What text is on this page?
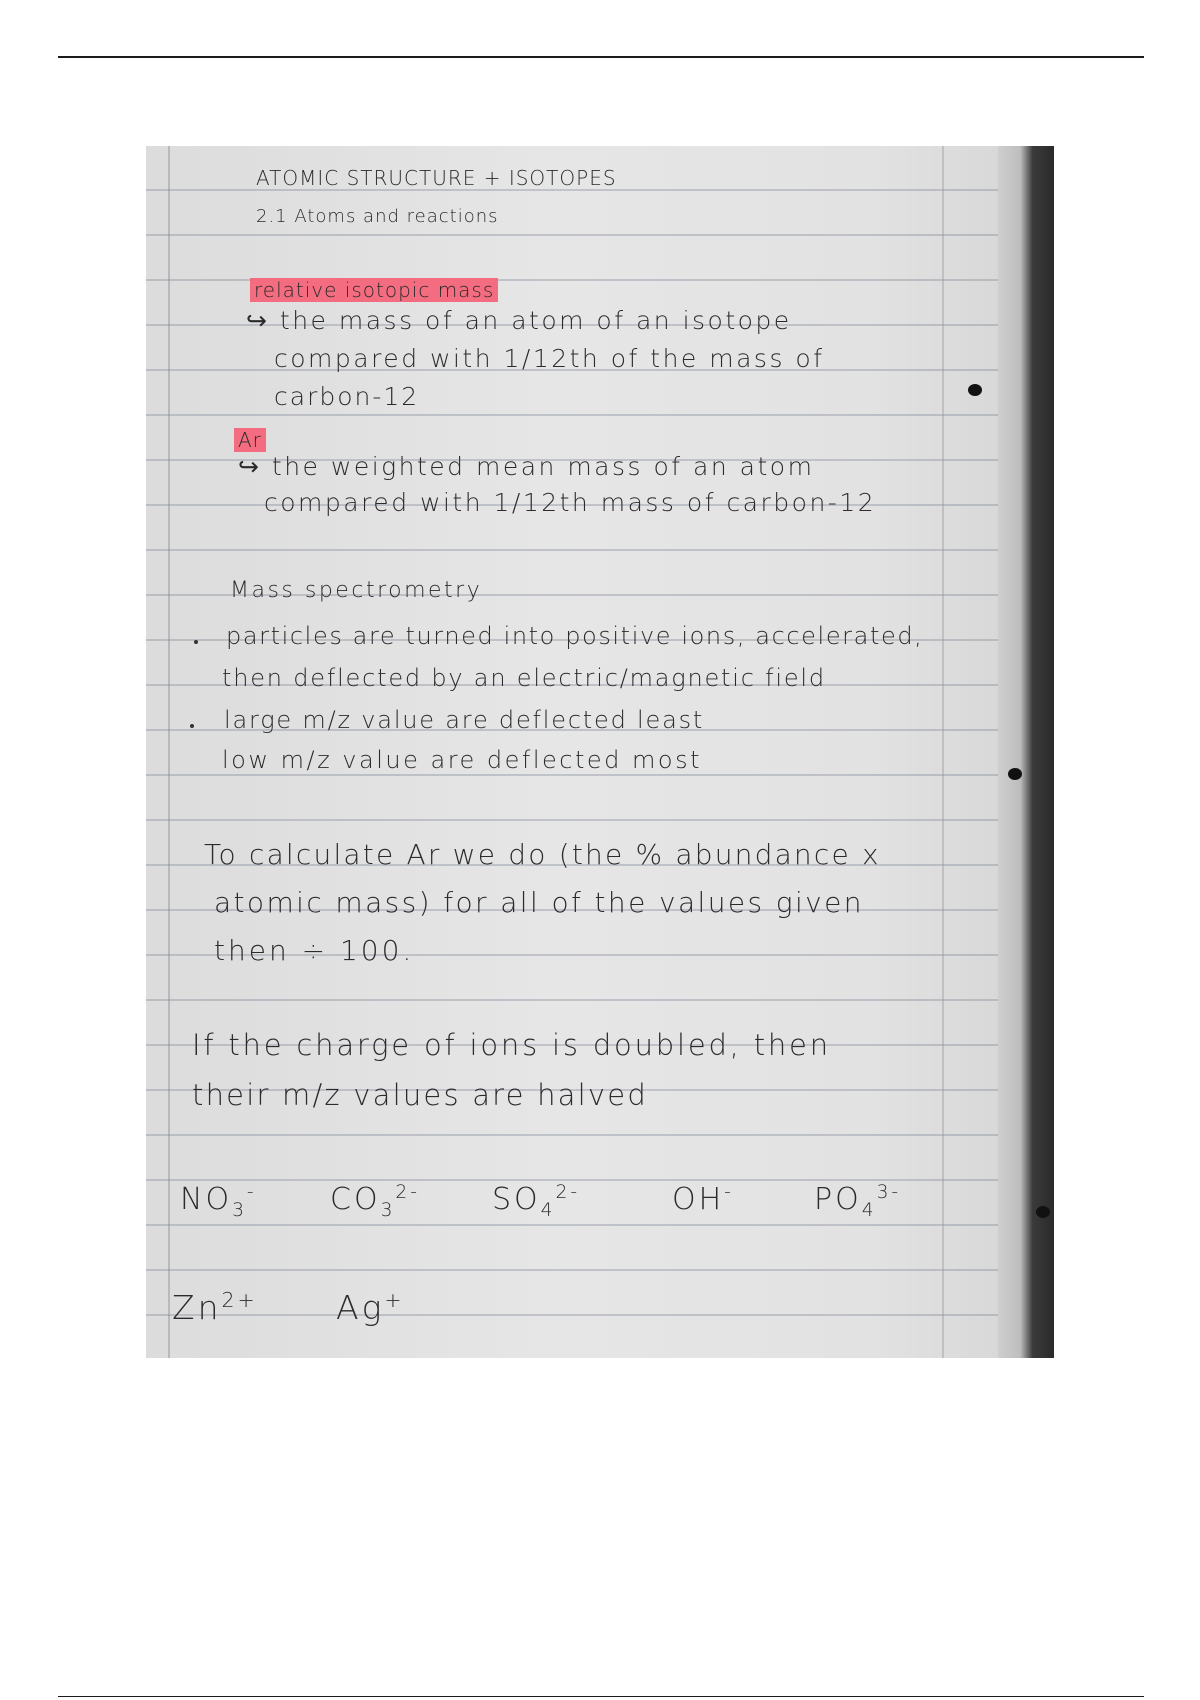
ATOMIC STRUCTURE + ISOTOPES
2.1 Atoms and reactions
relative isotopic mass
↪ the mass of an atom of an isotope
compared with 1/12th of the mass of
carbon-12
Ar
↪ the weighted mean mass of an atom
compared with 1/12th mass of carbon-12
Mass spectrometry
particles are turned into positive ions, accelerated,
then deflected by an electric/magnetic field
large m/z value are deflected least
low m/z value are deflected most
To calculate Ar we do (the % abundance x
atomic mass) for all of the values given
then ÷ 100.
If the charge of ions is doubled, then
their m/z values are halved
$NO_3^-$ $CO_3^{2-}$ $SO_4^{2-}$	OH-	$PO_4^{3-}$
$Zn^{2+}$ Ag+
